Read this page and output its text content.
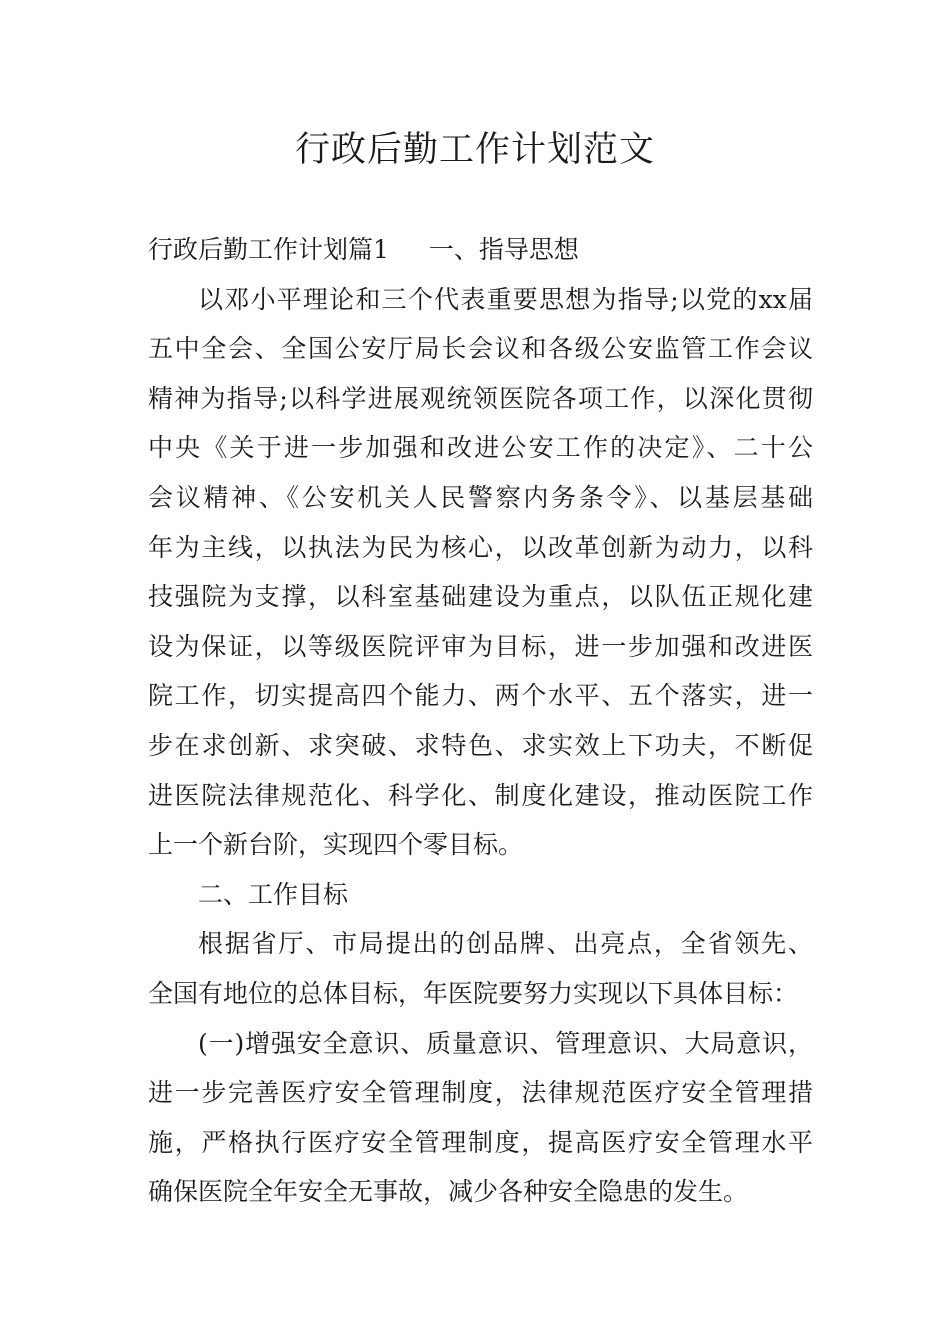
行政后勤工作计划范文
行政后勤工作计划篇1 一、指导思想
以邓小平理论和三个代表重要思想为指导;以党的xx届
五中全会、全国公安厅局长会议和各级公安监管工作会议
精神为指导;以科学进展观统领医院各项工作，以深化贯彻
中央《关于进一步加强和改进公安工作的决定》、二十公
会议精神、《公安机关人民警察内务条令》、以基层基础
年为主线，以执法为民为核心，以改革创新为动力，以科
技强院为支撑，以科室基础建设为重点，以队伍正规化建
设为保证，以等级医院评审为目标，进一步加强和改进医
院工作，切实提高四个能力、两个水平、五个落实，进一
步在求创新、求突破、求特色、求实效上下功夫，不断促
进医院法律规范化、科学化、制度化建设，推动医院工作
上一个新台阶，实现四个零目标。
二、工作目标
根据省厅、市局提出的创品牌、出亮点，全省领先、
全国有地位的总体目标，年医院要努力实现以下具体目标：
(一)增强安全意识、质量意识、管理意识、大局意识，
进一步完善医疗安全管理制度，法律规范医疗安全管理措
施，严格执行医疗安全管理制度，提高医疗安全管理水平
确保医院全年安全无事故，减少各种安全隐患的发生。
